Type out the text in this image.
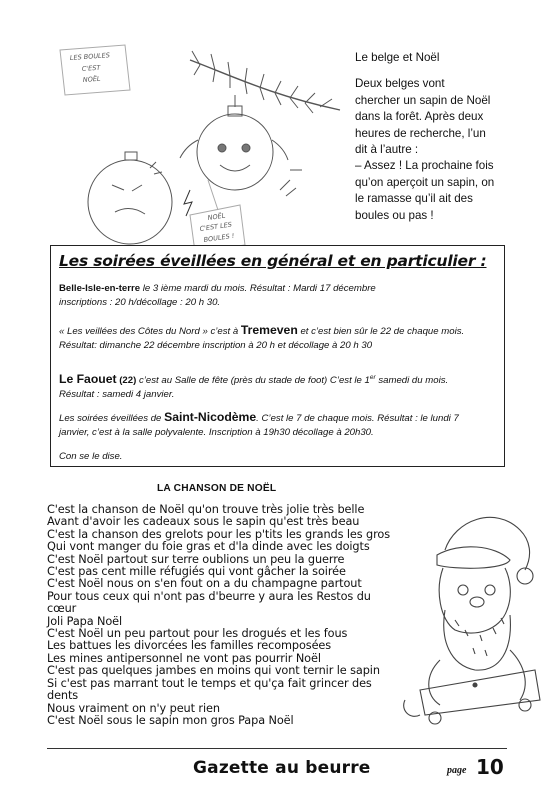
LES BOULES
C'EST
NOËL
NOËL
C'EST LES
BOULES !

Le belge et Noël

Deux belges vont

chercher un sapin de Noël

dans la forêt. Après deux

heures de recherche, l’un

dit à l’autre :

– Assez ! La prochaine fois

qu’on aperçoit un sapin, on

le ramasse qu’il ait des

boules ou pas !

Les soirées éveillées en général et en particulier :
Belle-Isle-en-terre le 3 ième mardi du mois. Résultat : Mardi 17 décembre
inscriptions : 20 h/décollage : 20 h 30.
« Les veillées des Côtes du Nord » c’est à Tremeven et c’est bien sûr le 22 de chaque mois.
Résultat: dimanche 22 décembre inscription à 20 h et décollage à 20 h 30
Le Faouet (22) c’est au Salle de fête (près du stade de foot) C’est le 1er samedi du mois.
Résultat : samedi 4 janvier.
Les soirées éveillées de Saint-Nicodème. C’est le 7 de chaque mois. Résultat : le lundi 7
janvier, c’est à la salle polyvalente. Inscription à 19h30 décollage à 20h30.
Con se le dise.
LA CHANSON DE NOËL
C'est la chanson de Noël qu'on trouve très jolie très belle
Avant d'avoir les cadeaux sous le sapin qu'est très beau
C'est la chanson des grelots pour les p'tits les grands les gros
Qui vont manger du foie gras et d'la dinde avec les doigts
C'est Noël partout sur terre oublions un peu la guerre
C'est pas cent mille réfugiés qui vont gâcher la soirée
C'est Noël nous on s'en fout on a du champagne partout
Pour tous ceux qui n'ont pas d'beurre y aura les Restos du
cœur
Joli Papa Noël
C'est Noël un peu partout pour les drogués et les fous
Les battues les divorcées les familles recomposées
Les mines antipersonnel ne vont pas pourrir Noël
C'est pas quelques jambes en moins qui vont ternir le sapin
Si c'est pas marrant tout le temps et qu'ça fait grincer des
dents
Nous vraiment on n'y peut rien
C'est Noël sous le sapin mon gros Papa Noël
Gazette au beurre	page 10
